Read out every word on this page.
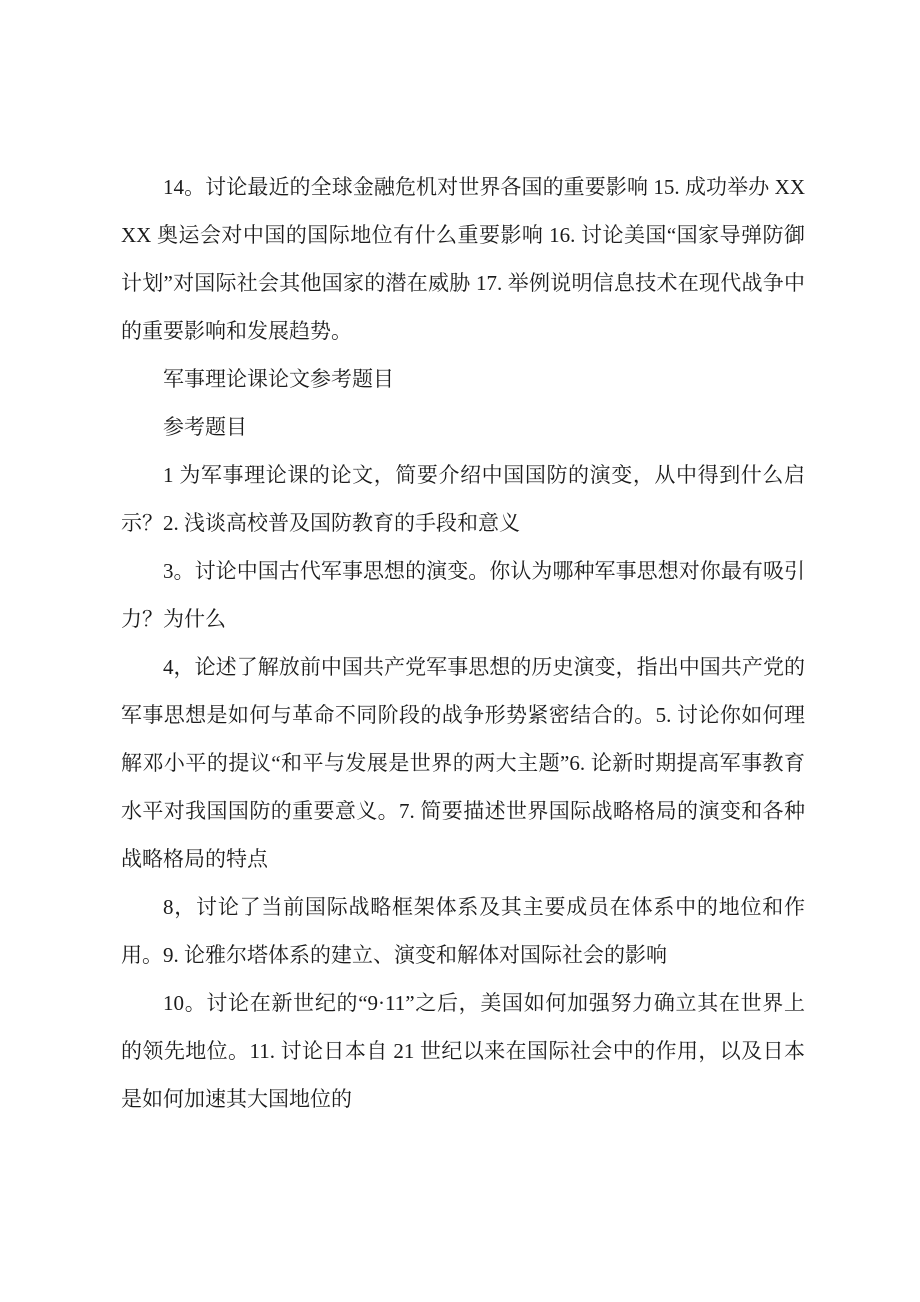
14。讨论最近的全球金融危机对世界各国的重要影响 15. 成功举办 XXXX 奥运会对中国的国际地位有什么重要影响 16. 讨论美国“国家导弹防御计划”对国际社会其他国家的潜在威胁 17. 举例说明信息技术在现代战争中的重要影响和发展趋势。

军事理论课论文参考题目

参考题目

1 为军事理论课的论文，简要介绍中国国防的演变，从中得到什么启示？2. 浅谈高校普及国防教育的手段和意义

3。讨论中国古代军事思想的演变。你认为哪种军事思想对你最有吸引力？为什么

4，论述了解放前中国共产党军事思想的历史演变，指出中国共产党的军事思想是如何与革命不同阶段的战争形势紧密结合的。5. 讨论你如何理解邓小平的提议“和平与发展是世界的两大主题”6. 论新时期提高军事教育水平对我国国防的重要意义。7. 简要描述世界国际战略格局的演变和各种战略格局的特点

8，讨论了当前国际战略框架体系及其主要成员在体系中的地位和作用。9. 论雅尔塔体系的建立、演变和解体对国际社会的影响

10。讨论在新世纪的“9·11”之后，美国如何加强努力确立其在世界上的领先地位。11. 讨论日本自 21 世纪以来在国际社会中的作用，以及日本是如何加速其大国地位的
